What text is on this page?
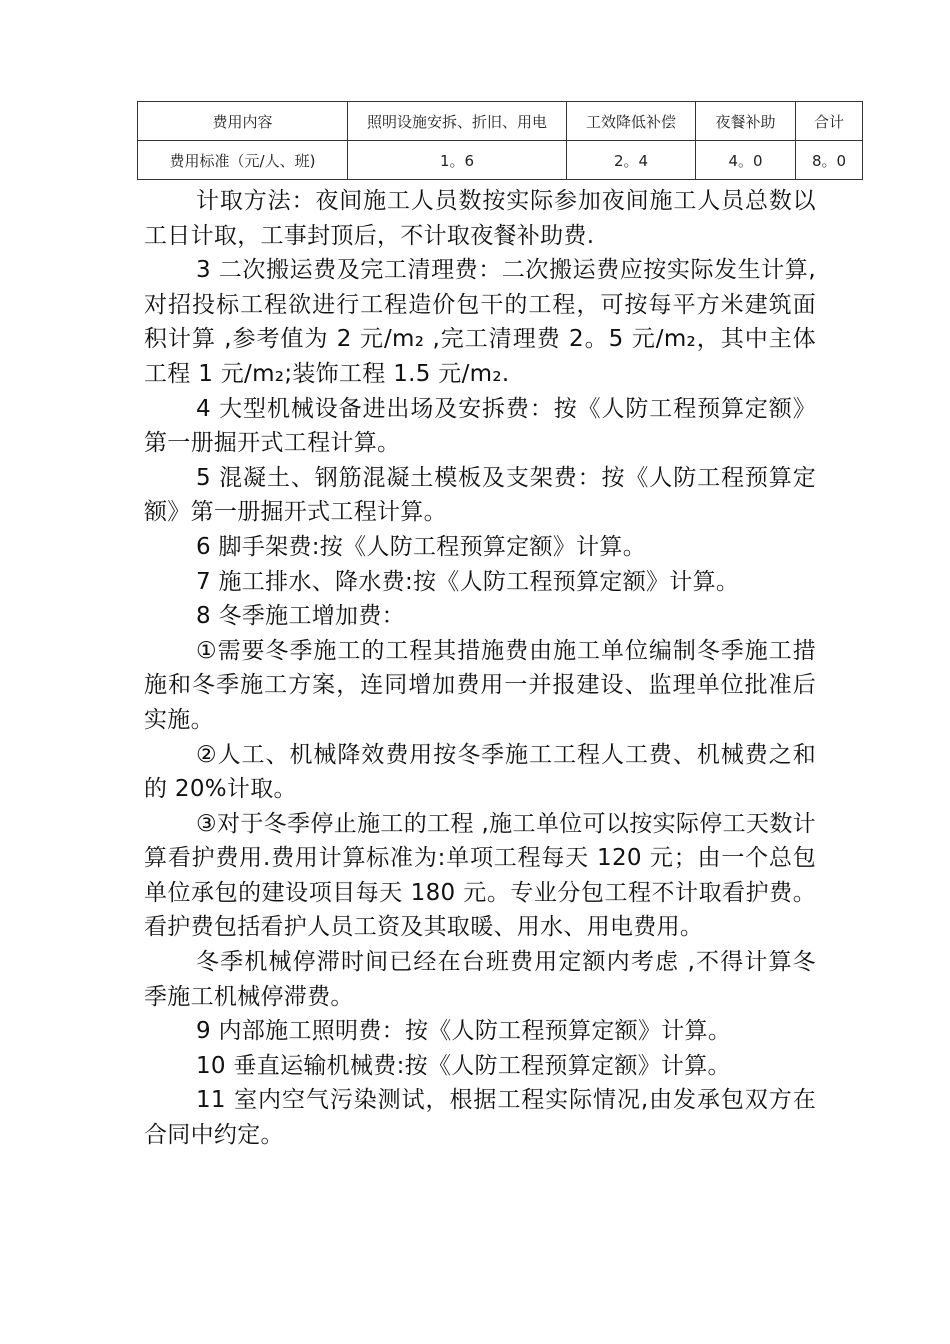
费用内容	照明设施安拆、折旧、用电	工效降低补偿	夜餐补助	合计
费用标准（元/人、班)	1。6	2。4	4。0	8。0

计取方法：夜间施工人员数按实际参加夜间施工人员总数以工日计取，工事封顶后，不计取夜餐补助费.

3 二次搬运费及完工清理费：二次搬运费应按实际发生计算,对招投标工程欲进行工程造价包干的工程，可按每平方米建筑面积计算 ,参考值为 2 元/m₂ ,完工清理费 2。5 元/m₂，其中主体工程 1 元/m₂;装饰工程 1.5 元/m₂.

4 大型机械设备进出场及安拆费：按《人防工程预算定额》第一册掘开式工程计算。

5 混凝土、钢筋混凝土模板及支架费：按《人防工程预算定额》第一册掘开式工程计算。

6 脚手架费:按《人防工程预算定额》计算。

7 施工排水、降水费:按《人防工程预算定额》计算。

8 冬季施工增加费：

①需要冬季施工的工程其措施费由施工单位编制冬季施工措施和冬季施工方案，连同增加费用一并报建设、监理单位批准后实施。

②人工、机械降效费用按冬季施工工程人工费、机械费之和的 20%计取。

③对于冬季停止施工的工程 ,施工单位可以按实际停工天数计算看护费用.费用计算标准为:单项工程每天 120 元；由一个总包单位承包的建设项目每天 180 元。专业分包工程不计取看护费。看护费包括看护人员工资及其取暖、用水、用电费用。

冬季机械停滞时间已经在台班费用定额内考虑 ,不得计算冬季施工机械停滞费。

9 内部施工照明费：按《人防工程预算定额》计算。

10 垂直运输机械费:按《人防工程预算定额》计算。

11 室内空气污染测试，根据工程实际情况,由发承包双方在合同中约定。
